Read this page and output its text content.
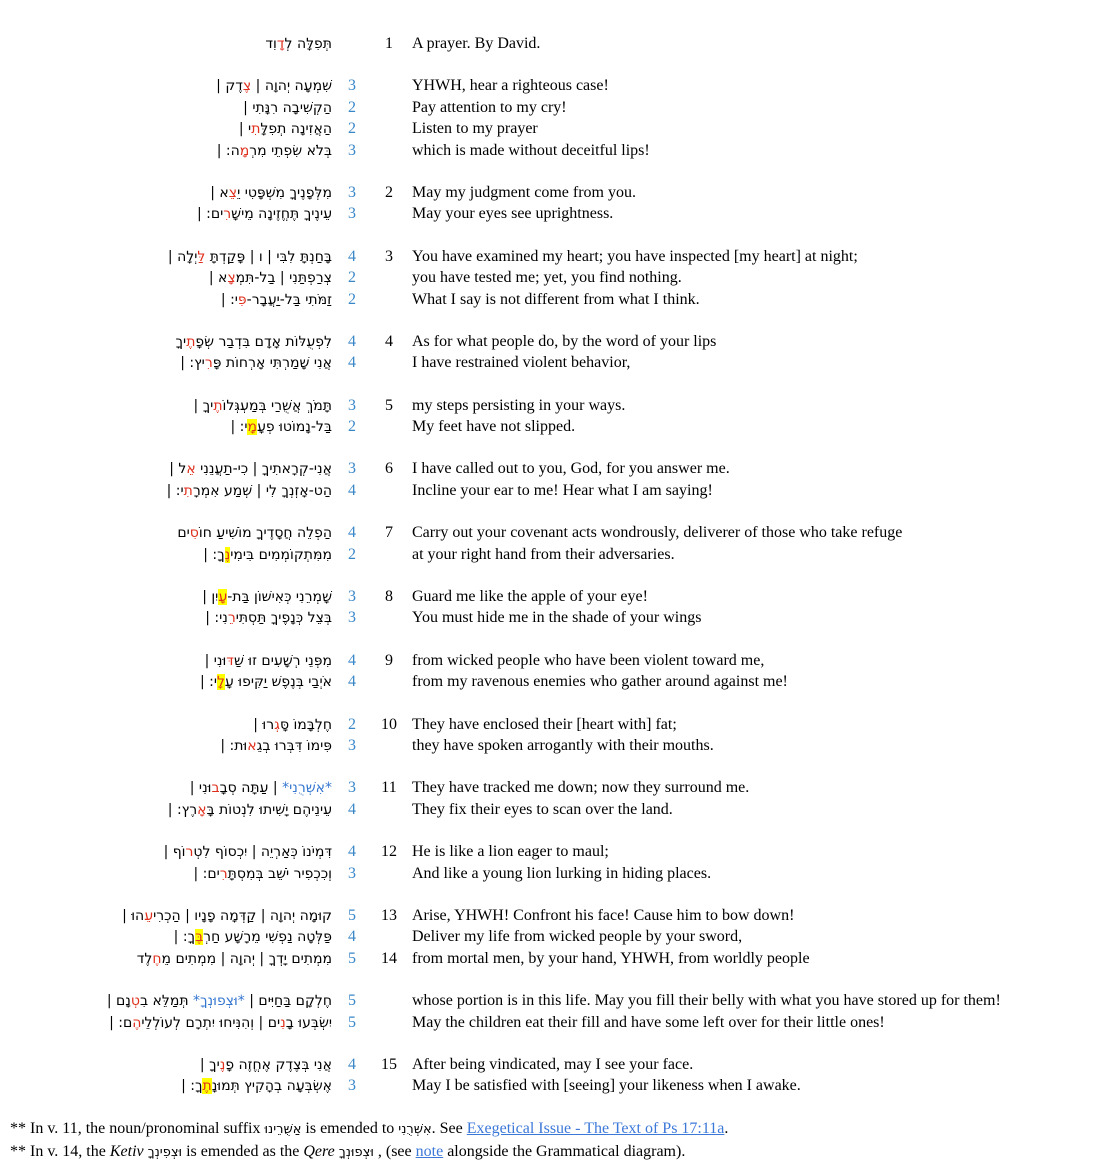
תְּפִלָּה לְדָוִד	1	A prayer. By David.
שִׁמְעָה יְהוָה | צֶדֶק |	3	YHWH, hear a righteous case!
הַקְשִׁיבָה רִנָּתִי |	2	Pay attention to my cry!
הַאֲזִינָה תְפִלָּתִי |	2	Listen to my prayer
בְּלֹא שִׂפְתֵי מִרְמָה: |	3	which is made without deceitful lips!
מִלְּפָנֶיךָ מִשְׁפָּטִי יֵצֵא |	3	2	May my judgment come from you.
עֵינֶיךָ תֶּחֱזֶינָה מֵישָׁרִים: |	3	May your eyes see uprightness.
בָּחַנְתָּ לִבִּי | ו | פָּקַדְתָּ לַּיְלָה |	4	3	You have examined my heart; you have inspected [my heart] at night;
צְרַפְתַּנִי | בַל-תִּמְצָא |	2	you have tested me; yet, you find nothing.
זַמֹּתִי בַּל-יַעֲבָר-פִּי: |	2	What I say is not different from what I think.
לִפְעֻלּוֹת אָדָם בִּדְבַר שְׂפָתֶיךָ	4	4	As for what people do, by the word of your lips
אֲנִי שָׁמַרְתִּי אָרְחוֹת פָּרִיץ: |	4	I have restrained violent behavior,
תָּמֹךְ אֲשֻׁרַי בְּמַעְגְּלוֹתֶיךָ |	3	5	my steps persisting in your ways.
בַּל-נָמוֹטוּ פְעָמָי: |	2	My feet have not slipped.
אֲנִי-קְרָאתִיךָ | כִי-תַעֲנֵנִי אֵל |	3	6	I have called out to you, God, for you answer me.
הַט-אָזְנְךָ לִי | שְׁמַע אִמְרָתִי: |	4	Incline your ear to me! Hear what I am saying!
הַפְלֵה חֲסָדֶיךָ מוֹשִׁיעַ חוֹסִים	4	7	Carry out your covenant acts wondrously, deliverer of those who take refuge
מִמִּתְקוֹמְמִים בִּימִינֶךָ: |	2	at your right hand from their adversaries.
שָׁמְרֵנִי כְּאִישׁוֹן בַּת-עָיִן |	3	8	Guard me like the apple of your eye!
בְּצֵל כְּנָפֶיךָ תַּסְתִּירֵנִי: |	3	You must hide me in the shade of your wings
מִפְּנֵי רְשָׁעִים זוּ שַׁדּוּנִי |	4	9	from wicked people who have been violent toward me,
אֹיְבַי בְּנֶפֶשׁ יַקִּיפוּ עָלָי: |	4	from my ravenous enemies who gather around against me!
חֶלְבָּמוֹ סָּגְרוּ |	2	10 They have enclosed their [heart with] fat;
פִּימוֹ דִּבְּרוּ בְגֵאוּת: |	3	they have spoken arrogantly with their mouths.
*אִשְּׁרֻנִי* | עַתָּה סְבָבוּנִי |	3	11 They have tracked me down; now they surround me.
עֵינֵיהֶם יָשִׁיתוּ לִנְטוֹת בָּאָרֶץ: |	4	They fix their eyes to scan over the land.
דִּמְיֹנוֹ כְּאַרְיֵה | יִכְסוֹף לִטְרוֹף |	4	12 He is like a lion eager to maul;
וְכִכְפִיר יֹשֵׁב בְּמִסְתָּרִים: |	3	And like a young lion lurking in hiding places.
קוּמָה יְהוָה | קַדְּמָה פָנָיו | הַכְרִיעֵהוּ |	5	13 Arise, YHWH! Confront his face! Cause him to bow down!
פַּלְּטָה נַפְשִׁי מֵרָשָׁע חַרְבֶּךָ: |	4	Deliver my life from wicked people by your sword,
מִמְתִים יָדְךָ | יְהוָה | מִמְתִים מֵחֶלֶד	5	14 from mortal men, by your hand, YHWH, from worldly people
חֶלְקָם בַּחַיִּים | *וּצְפוּנְךָ* תְּמַלֵּא בִטְנָם |	5	whose portion is in this life. May you fill their belly with what you have stored up for them!
יִשְׂבְּעוּ בָנִים | וְהִנִּיחוּ יִתְרָם לְעוֹלְלֵיהֶם: |	5	May the children eat their fill and have some left over for their little ones!
אֲנִי בְּצֶדֶק אֶחֱזֶה פָנֶיךָ |	4	15 After being vindicated, may I see your face.
אֶשְׂבְּעָה בְהָקִיץ תְּמוּנָתֶךָ: |	3	May I be satisfied with [seeing] your likeness when I awake.
** In v. 11, the noun/pronominal suffix אַשֻּׁרֵינוּ is emended to אִשְּׁרֻנִי. See Exegetical Issue - The Text of Ps 17:11a.
** In v. 14, the Ketiv וּצְפִינְךָ is emended as the Qere וּצְפוּנְךָ , (see note alongside the Grammatical diagram).
